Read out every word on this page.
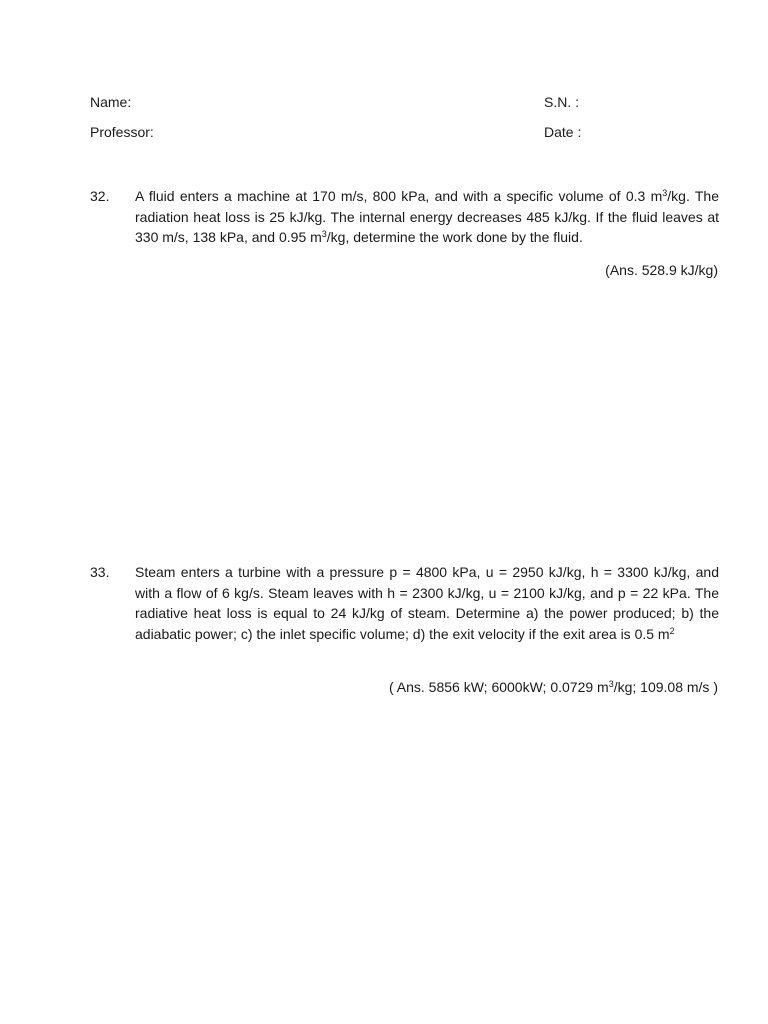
Name:	S.N. :
Professor:	Date :
32. A fluid enters a machine at 170 m/s, 800 kPa, and with a specific volume of 0.3 $m^3/kg$. The radiation heat loss is 25 kJ/kg. The internal energy decreases 485 kJ/kg. If the fluid leaves at 330 m/s, 138 kPa, and 0.95 $m^3/kg$, determine the work done by the fluid.
(Ans. 528.9 kJ/kg)
33. Steam enters a turbine with a pressure p = 4800 kPa, u = 2950 kJ/kg, h = 3300 kJ/kg, and with a flow of 6 kg/s. Steam leaves with h = 2300 kJ/kg, u = 2100 kJ/kg, and p = 22 kPa. The radiative heat loss is equal to 24 kJ/kg of steam. Determine a) the power produced; b) the adiabatic power; c) the inlet specific volume; d) the exit velocity if the exit area is 0.5 $m^2$
( Ans. 5856 kW; 6000kW; 0.0729 $m^3/kg$; 109.08 m/s )
